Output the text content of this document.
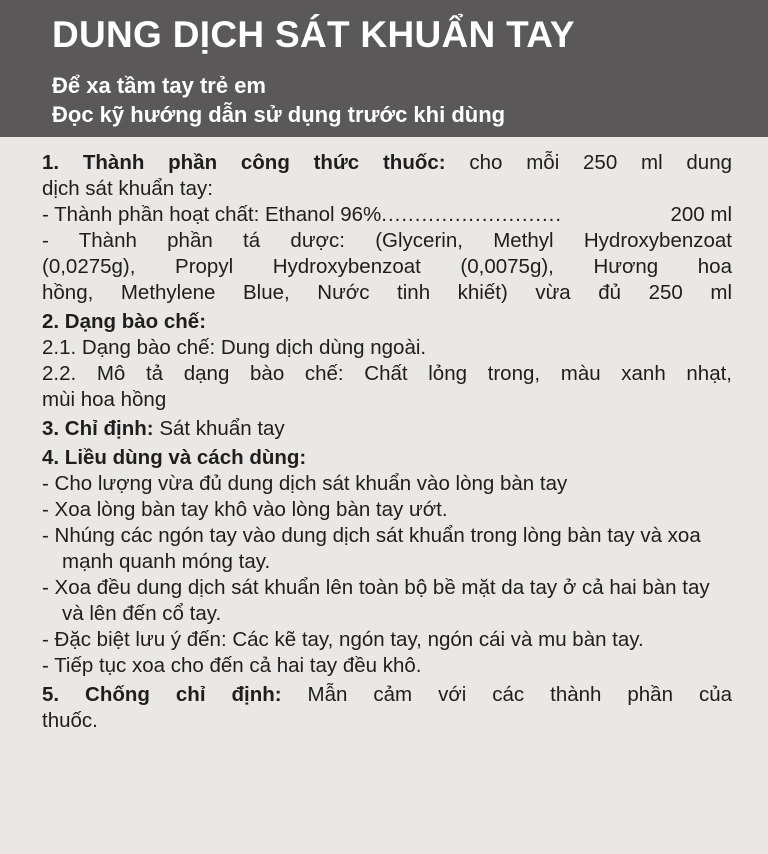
DUNG DỊCH SÁT KHUẨN TAY
Để xa tầm tay trẻ em
Đọc kỹ hướng dẫn sử dụng trước khi dùng

1. Thành phần công thức thuốc: cho mỗi 250 ml dung

dịch sát khuẩn tay:

- Thành phần hoạt chất: Ethanol 96% ...........................	200 ml

- Thành phần tá dược: (Glycerin, Methyl Hydroxybenzoat

(0,0275g), Propyl Hydroxybenzoat (0,0075g), Hương hoa

hồng, Methylene Blue, Nước tinh khiết) vừa đủ 250 ml

2. Dạng bào chế:

2.1. Dạng bào chế: Dung dịch dùng ngoài.

2.2. Mô tả dạng bào chế: Chất lỏng trong, màu xanh nhạt,

mùi hoa hồng

3. Chỉ định: Sát khuẩn tay

4. Liều dùng và cách dùng:

- Cho lượng vừa đủ dung dịch sát khuẩn vào lòng bàn tay

- Xoa lòng bàn tay khô vào lòng bàn tay ướt.

- Nhúng các ngón tay vào dung dịch sát khuẩn trong lòng bàn tay và xoa mạnh quanh móng tay.

- Xoa đều dung dịch sát khuẩn lên toàn bộ bề mặt da tay ở cả hai bàn tay và lên đến cổ tay.

- Đặc biệt lưu ý đến: Các kẽ tay, ngón tay, ngón cái và mu bàn tay.

- Tiếp tục xoa cho đến cả hai tay đều khô.

5. Chống chỉ định: Mẫn cảm với các thành phần của

thuốc.
